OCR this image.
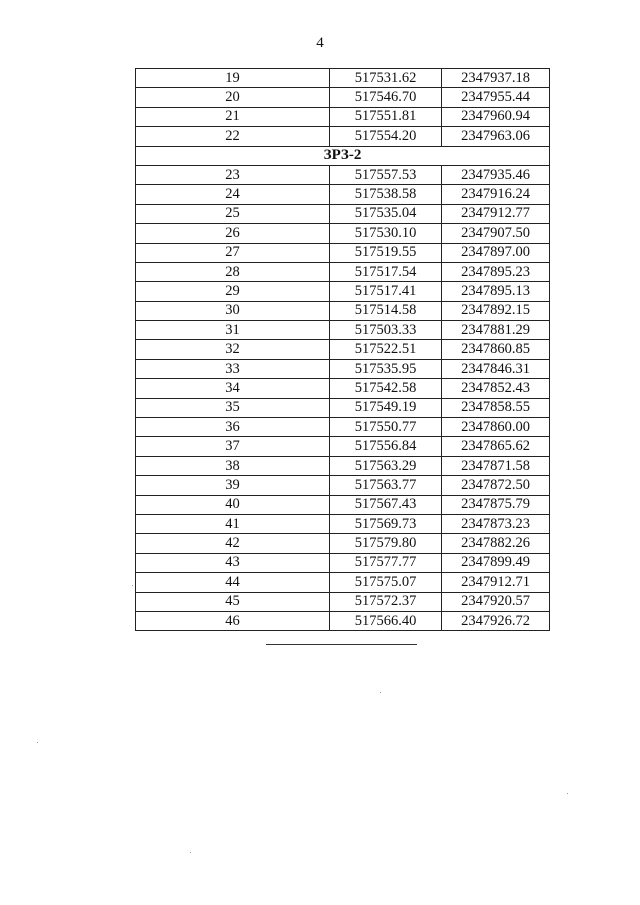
4
19	517531.62	2347937.18
20	517546.70	2347955.44
21	517551.81	2347960.94
22	517554.20	2347963.06
ЗРЗ-2		
23	517557.53	2347935.46
24	517538.58	2347916.24
25	517535.04	2347912.77
26	517530.10	2347907.50
27	517519.55	2347897.00
28	517517.54	2347895.23
29	517517.41	2347895.13
30	517514.58	2347892.15
31	517503.33	2347881.29
32	517522.51	2347860.85
33	517535.95	2347846.31
34	517542.58	2347852.43
35	517549.19	2347858.55
36	517550.77	2347860.00
37	517556.84	2347865.62
38	517563.29	2347871.58
39	517563.77	2347872.50
40	517567.43	2347875.79
41	517569.73	2347873.23
42	517579.80	2347882.26
43	517577.77	2347899.49
44	517575.07	2347912.71
45	517572.37	2347920.57
46	517566.40	2347926.72
